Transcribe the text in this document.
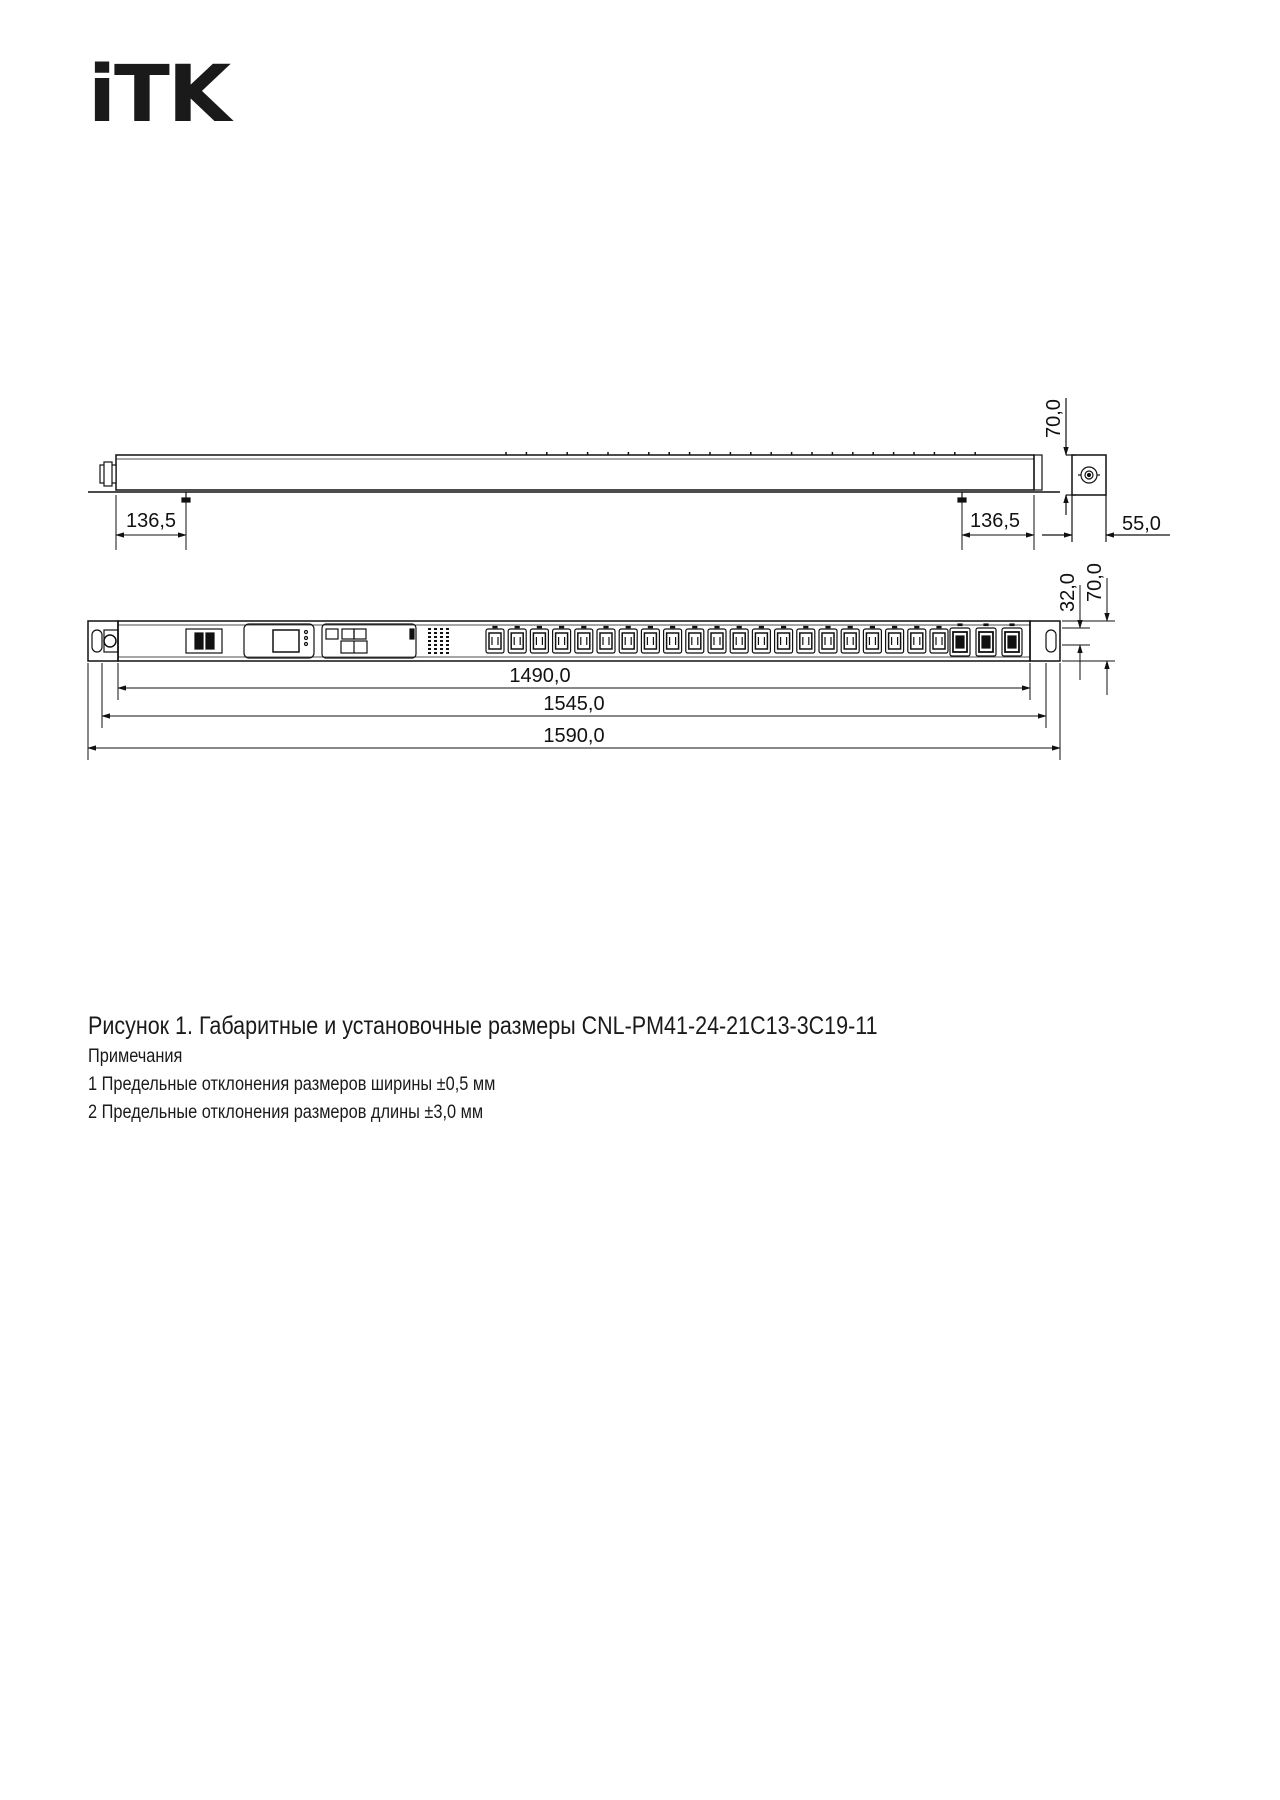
iTK
136,5	136,5
70,0
55,0
1490,0
1545,0
1590,0
32,0 70,0
Рисунок 1. Габаритные и установочные размеры CNL-PM41-24-21C13-3C19-11
Примечания
1 Предельные отклонения размеров ширины ±0,5 мм
2 Предельные отклонения размеров длины ±3,0 мм
